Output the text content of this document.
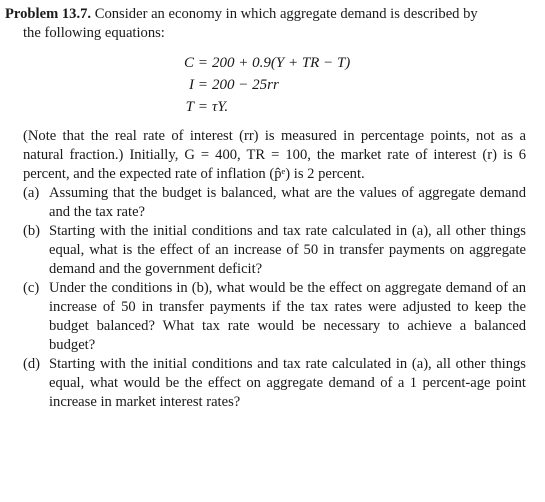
Problem 13.7. Consider an economy in which aggregate demand is described by

the following equations:

C = 200 + 0.9(Y + TR − T)
I = 200 − 25rr
T = τY.

(Note that the real rate of interest (rr) is measured in percentage points, not as a natural fraction.) Initially, G = 400, TR = 100, the market rate of interest (r) is 6 percent, and the expected rate of inflation (p̂ᵉ) is 2 percent.

(a) Assuming that the budget is balanced, what are the values of aggregate demand and the tax rate?
(b) Starting with the initial conditions and tax rate calculated in (a), all other things equal, what is the effect of an increase of 50 in transfer payments on aggregate demand and the government deficit?
(c) Under the conditions in (b), what would be the effect on aggregate demand of an increase of 50 in transfer payments if the tax rates were adjusted to keep the budget balanced? What tax rate would be necessary to achieve a balanced budget?
(d) Starting with the initial conditions and tax rate calculated in (a), all other things equal, what would be the effect on aggregate demand of a 1 percent-age point increase in market interest rates?
